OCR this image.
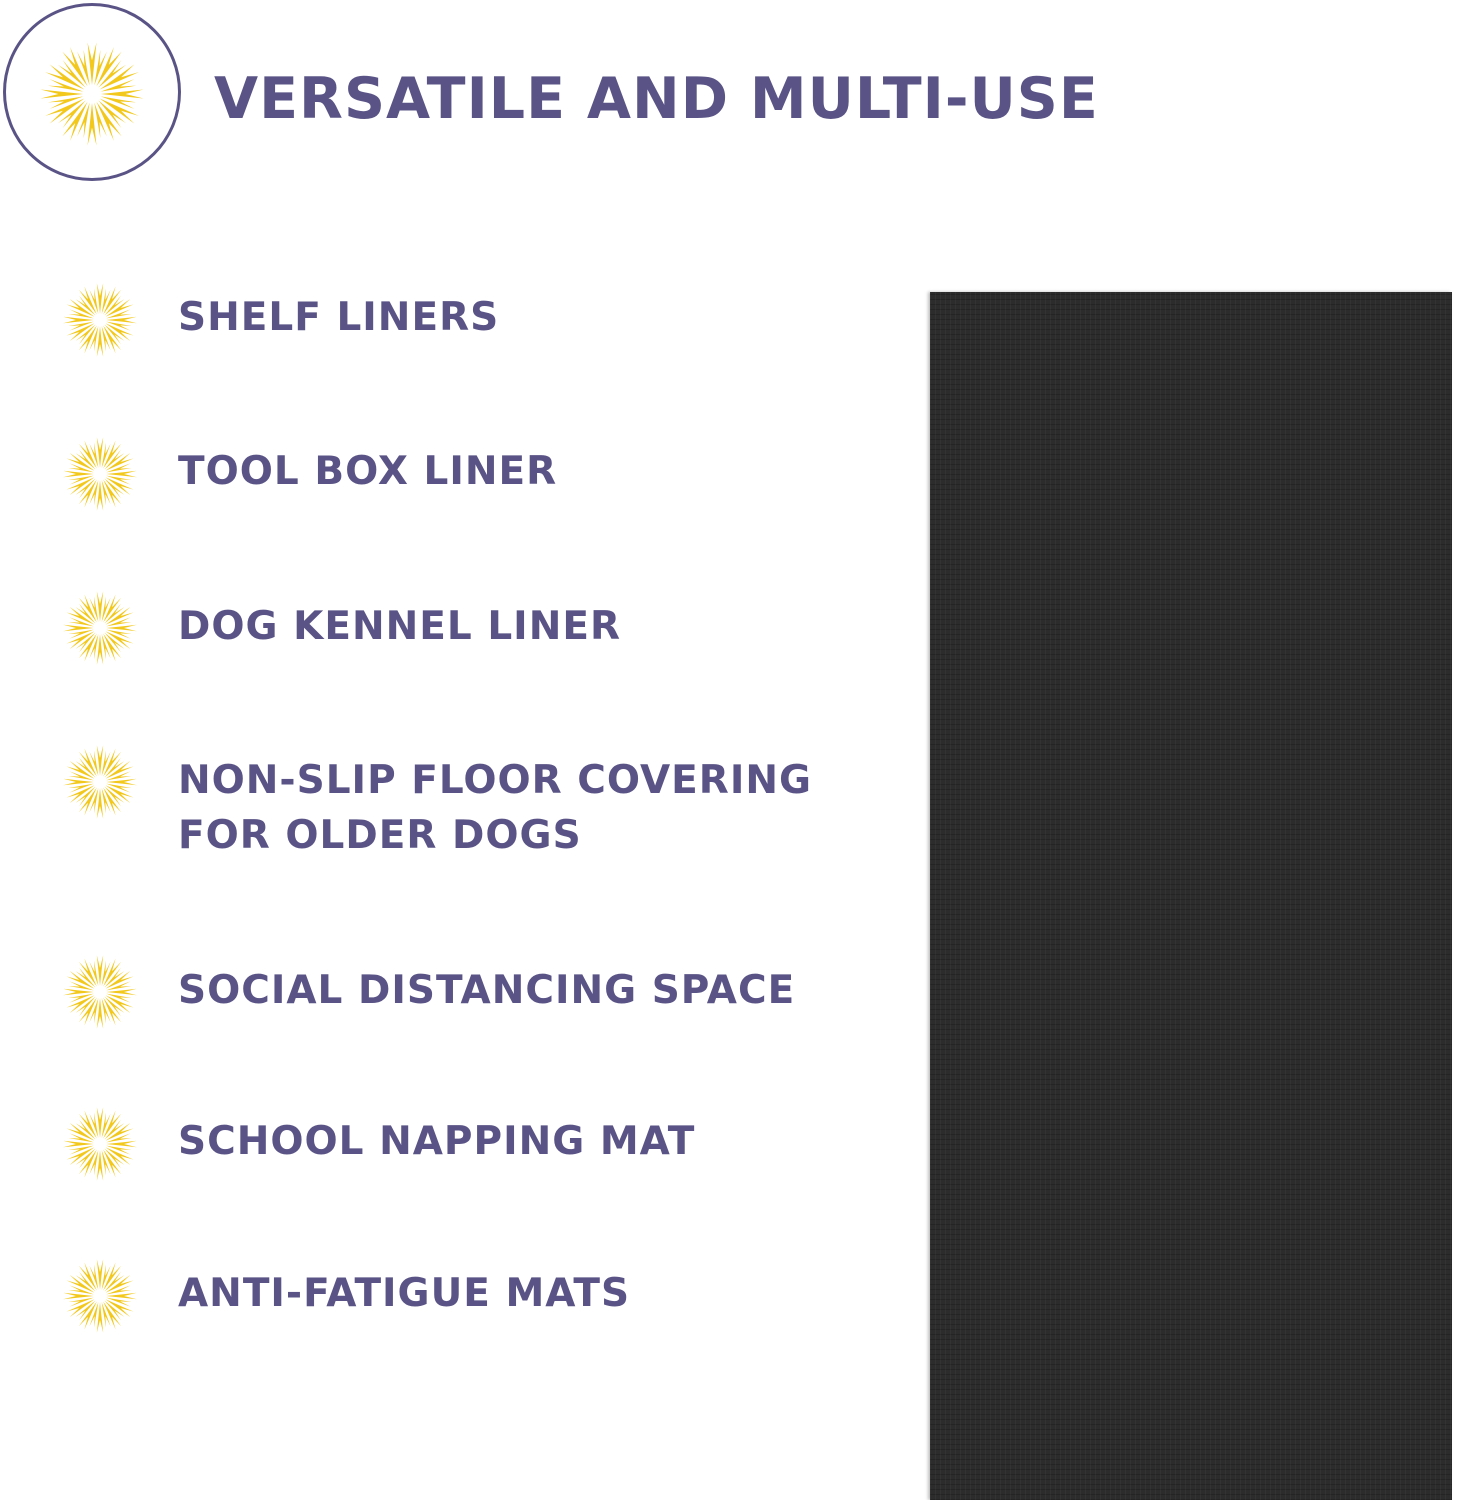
VERSATILE AND MULTI-USE
SHELF LINERS
TOOL BOX LINER
DOG KENNEL LINER
NON-SLIP FLOOR COVERING
FOR OLDER DOGS
SOCIAL DISTANCING SPACE
SCHOOL NAPPING MAT
ANTI-FATIGUE MATS
